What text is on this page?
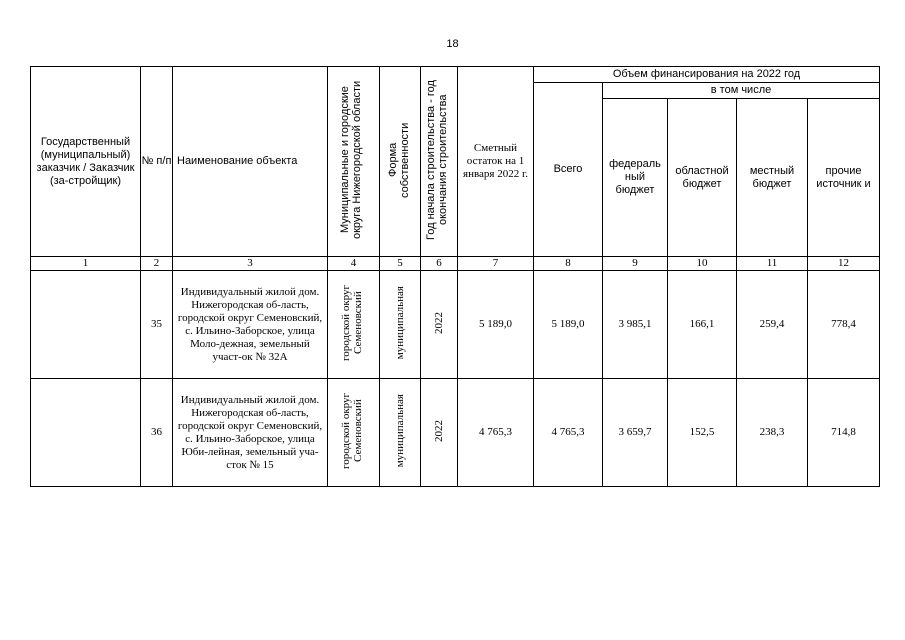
18
Государственный (муниципальный) заказчик / Заказчик (за-стройщик)	№ п/п	Наименование объекта	Муниципальные и городские округа Нижегородской области	Форма собственности	Год начала строительства - год окончания строительства	Сметный остаток на 1 января 2022 г.	Объем финансирования на 2022 год				
							Всего	в том числе			

								федераль ный бюджет	областной бюджет	местный бюджет	прочие источник и

1	2	3	4	5	6	7	8	9	10	11	12
	35	Индивидуальный жилой дом. Нижегородская об-ласть, городской округ Семеновский, с. Ильино-Заборское, улица Моло-дежная, земельный участ-ок № 32А	городской округ Семеновский	муниципальная	2022	5 189,0	5 189,0	3 985,1	166,1	259,4	778,4
	36	Индивидуальный жилой дом. Нижегородская об-ласть, городской округ Семеновский, с. Ильино-Заборское, улица Юби-лейная, земельный уча-сток № 15	городской округ Семеновский	муниципальная	2022	4 765,3	4 765,3	3 659,7	152,5	238,3	714,8
